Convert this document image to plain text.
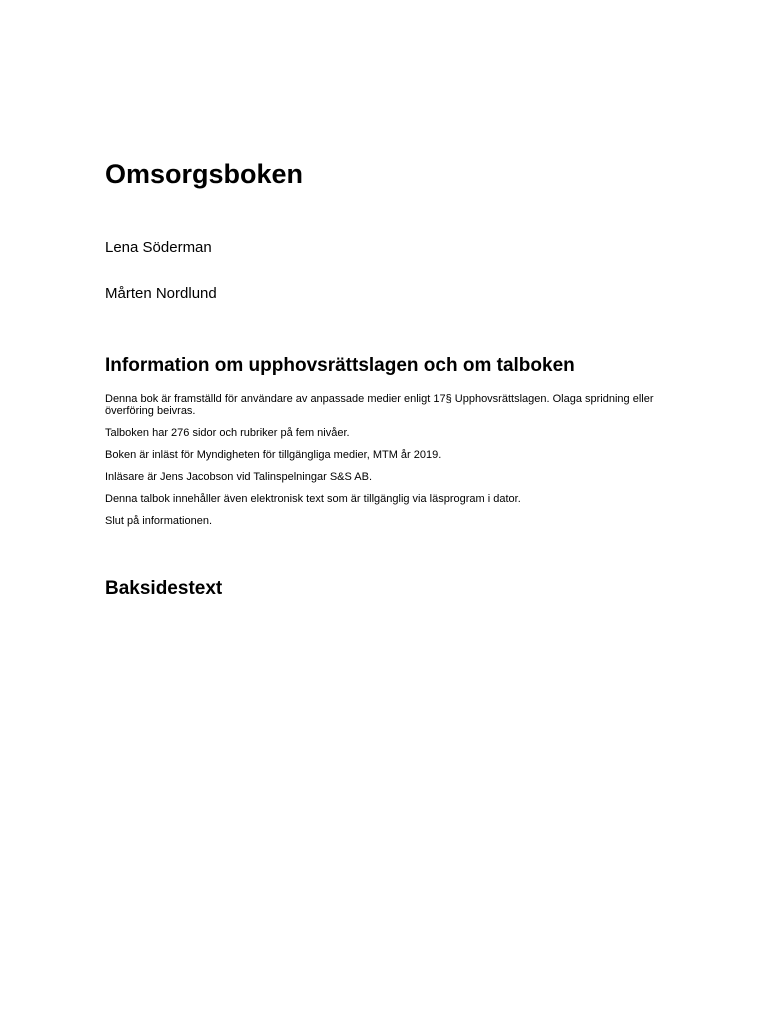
Omsorgsboken

Lena Söderman

Mårten Nordlund

Information om upphovsrättslagen och om talboken

Denna bok är framställd för användare av anpassade medier enligt 17§ Upphovsrättslagen. Olaga spridning eller överföring beivras.

Talboken har 276 sidor och rubriker på fem nivåer.

Boken är inläst för Myndigheten för tillgängliga medier, MTM år 2019.

Inläsare är Jens Jacobson vid Talinspelningar S&S AB.

Denna talbok innehåller även elektronisk text som är tillgänglig via läsprogram i dator.

Slut på informationen.

Baksidestext
